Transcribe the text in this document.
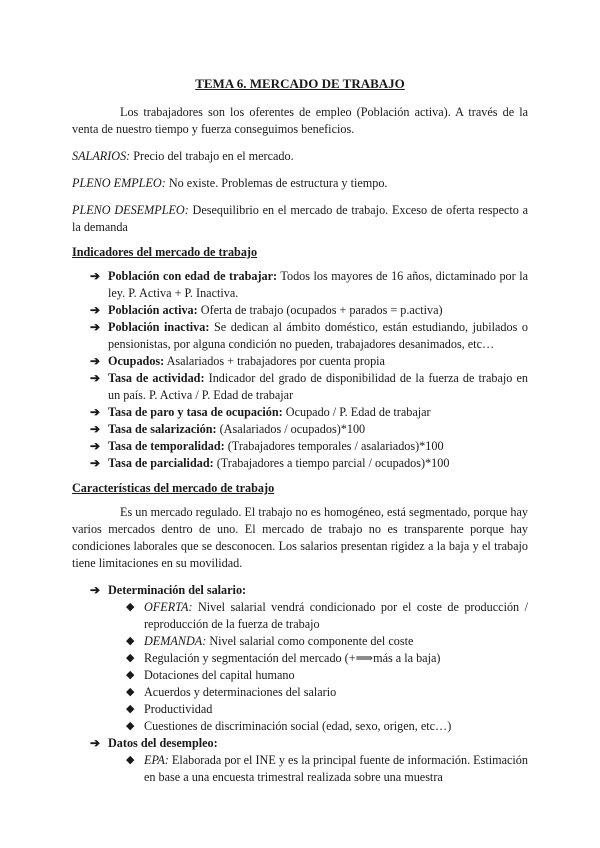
TEMA 6. MERCADO DE TRABAJO

Los trabajadores son los oferentes de empleo (Población activa). A través de la venta de nuestro tiempo y fuerza conseguimos beneficios.

SALARIOS: Precio del trabajo en el mercado.

PLENO EMPLEO: No existe. Problemas de estructura y tiempo.

PLENO DESEMPLEO: Desequilibrio en el mercado de trabajo. Exceso de oferta respecto a la demanda

Indicadores del mercado de trabajo
➔ Población con edad de trabajar: Todos los mayores de 16 años, dictaminado por la ley. P. Activa + P. Inactiva.
➔ Población activa: Oferta de trabajo (ocupados + parados = p.activa)
➔ Población inactiva: Se dedican al ámbito doméstico, están estudiando, jubilados o pensionistas, por alguna condición no pueden, trabajadores desanimados, etc…
➔ Ocupados: Asalariados + trabajadores por cuenta propia
➔ Tasa de actividad: Indicador del grado de disponibilidad de la fuerza de trabajo en un país. P. Activa / P. Edad de trabajar
➔ Tasa de paro y tasa de ocupación: Ocupado / P. Edad de trabajar
➔ Tasa de salarización: (Asalariados / ocupados)*100
➔ Tasa de temporalidad: (Trabajadores temporales / asalariados)*100
➔ Tasa de parcialidad: (Trabajadores a tiempo parcial / ocupados)*100
Características del mercado de trabajo

Es un mercado regulado. El trabajo no es homogéneo, está segmentado, porque hay varios mercados dentro de uno. El mercado de trabajo no es transparente porque hay condiciones laborales que se desconocen. Los salarios presentan rigidez a la baja y el trabajo tiene limitaciones en su movilidad.

➔ Determinación del salario:
◆ OFERTA: Nivel salarial vendrá condicionado por el coste de producción / reproducción de la fuerza de trabajo
◆ DEMANDA: Nivel salarial como componente del coste
◆ Regulación y segmentación del mercado (+⟹más a la baja)
◆ Dotaciones del capital humano
◆ Acuerdos y determinaciones del salario
◆ Productividad
◆ Cuestiones de discriminación social (edad, sexo, origen, etc…)
➔ Datos del desempleo:
◆ EPA: Elaborada por el INE y es la principal fuente de información. Estimación en base a una encuesta trimestral realizada sobre una muestra
